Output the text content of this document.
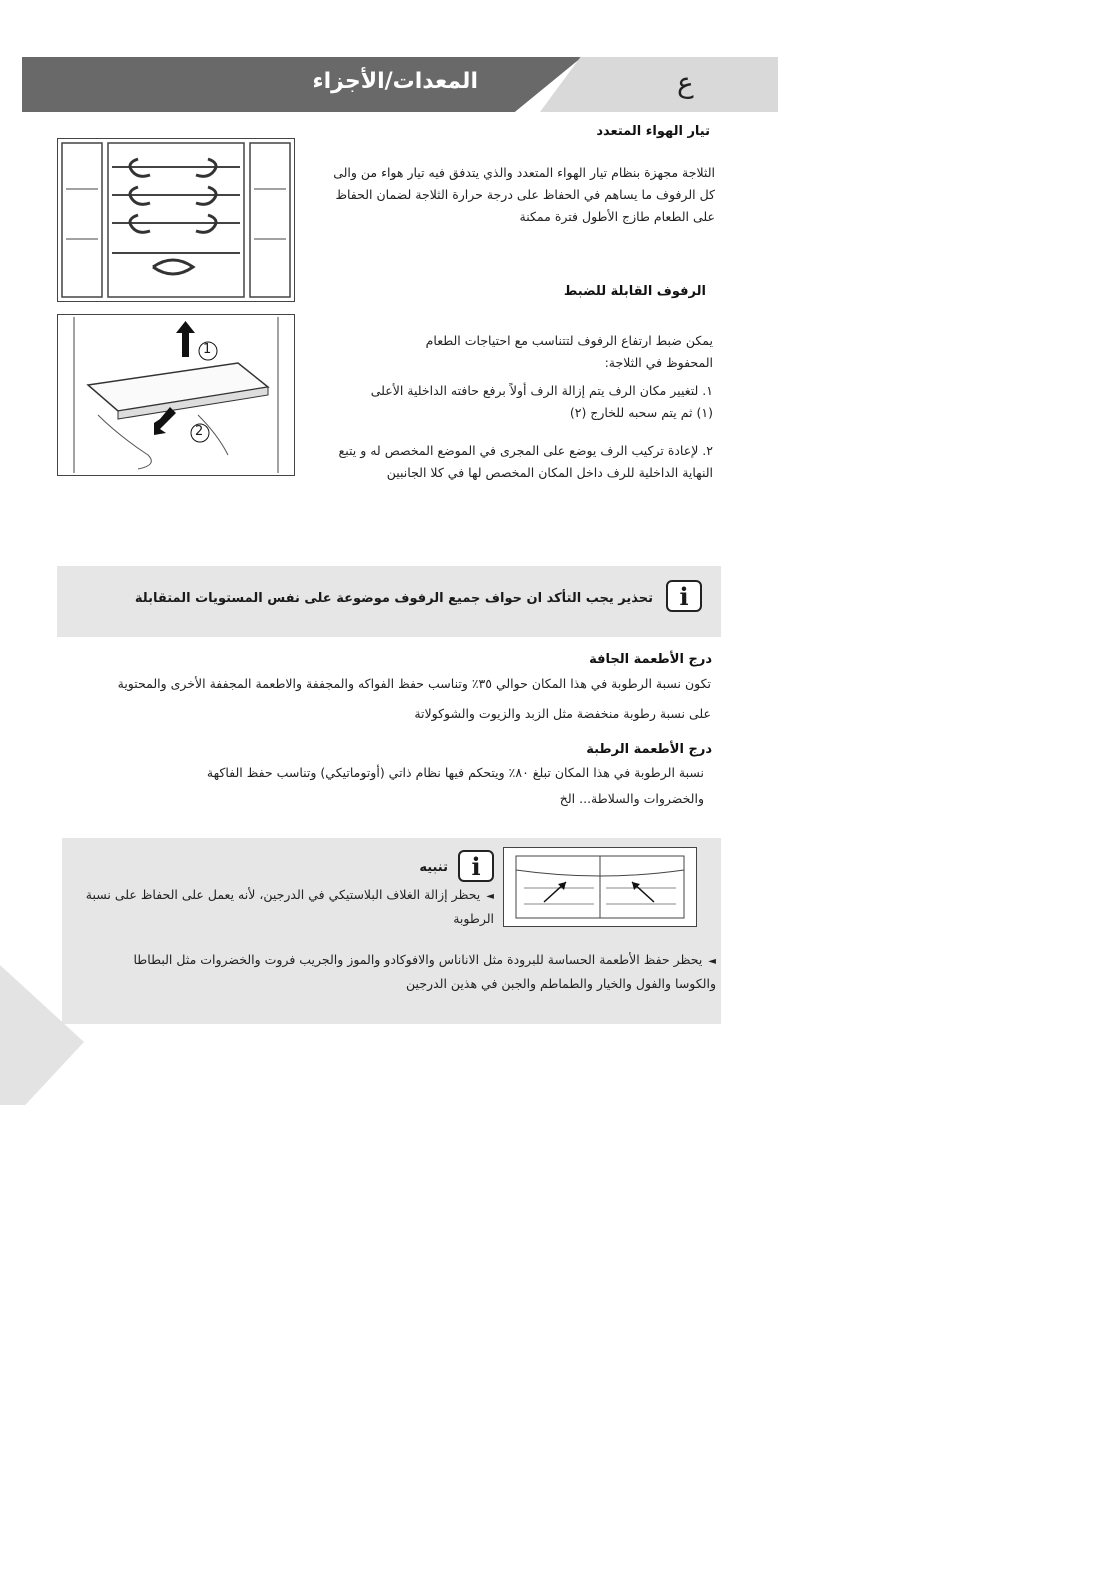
المعدات/الأجزاء	ع
تيار الهواء المتعدد
الثلاجة مجهزة بنظام تيار الهواء المتعدد والذي يتدفق فيه تيار هواء من والى كل الرفوف ما يساهم في الحفاظ على درجة حرارة الثلاجة لضمان الحفاظ على الطعام طازج الأطول فترة ممكنة
الرفوف القابلة للضبط
يمكن ضبط ارتفاع الرفوف لتتناسب مع احتياجات الطعام المحفوظ في الثلاجة:
١. لتغيير مكان الرف يتم إزالة الرف أولاً برفع حافته الداخلية الأعلى (١) ثم يتم سحبه للخارج (٢)
٢. لإعادة تركيب الرف يوضع على المجرى في الموضع المخصص له و يتبع النهاية الداخلية للرف داخل المكان المخصص لها في كلا الجانبين
1
2
i
تحذير يجب التأكد ان حواف جميع الرفوف موضوعة على نفس المستويات المتقابلة
درج الأطعمة الجافة
تكون نسبة الرطوبة في هذا المكان حوالي ٣٥٪ وتناسب حفظ الفواكه والمجففة والاطعمة المجففة الأخرى والمحتوية
على نسبة رطوبة منخفضة مثل الزبد والزيوت والشوكولاتة
درج الأطعمة الرطبة
نسبة الرطوبة في هذا المكان تبلغ ٨٠٪ ويتحكم فيها نظام ذاتي (أوتوماتيكي) وتناسب حفظ الفاكهة
والخضروات والسلاطة... الخ
i
تنبيه
◄يحظر إزالة الغلاف البلاستيكي في الدرجين، لأنه يعمل على الحفاظ على نسبة الرطوبة
◄يحظر حفظ الأطعمة الحساسة للبرودة مثل الاناناس والافوكادو والموز والجريب فروت والخضروات مثل البطاطا والكوسا والفول والخيار والطماطم والجبن في هذين الدرجين
